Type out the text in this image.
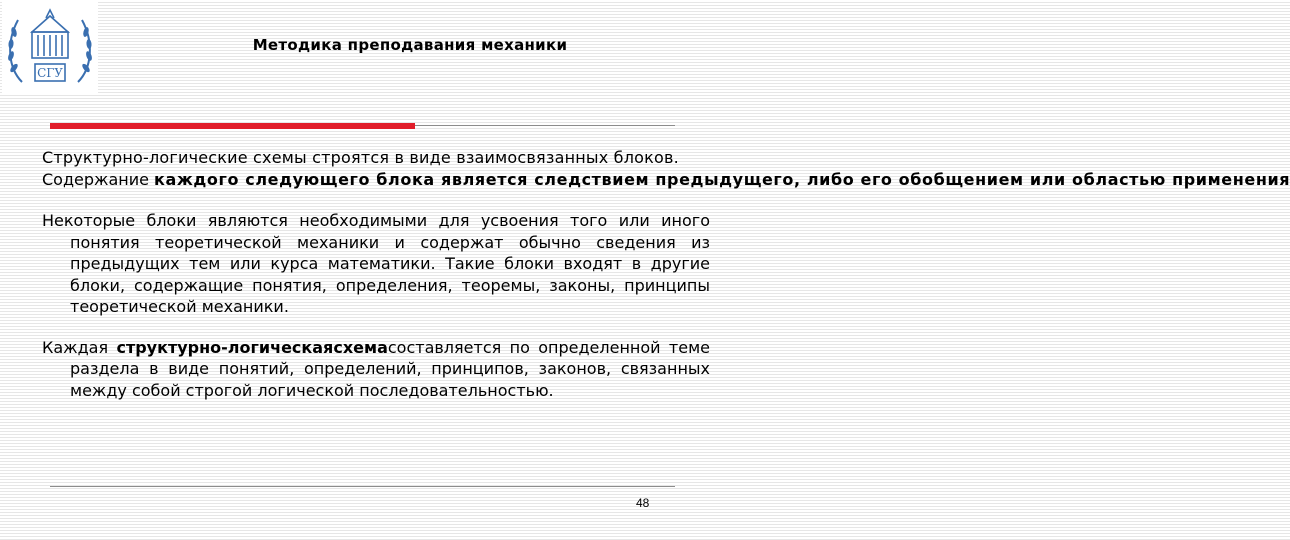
СГУ
Методика преподавания механики

Структурно-логические схемы строятся в виде взаимосвязанных блоков.

Содержание каждого следующего блока является следствием предыдущего, либо его обобщением или областью применения

Некоторые блоки являются необходимыми для усвоения того или иного понятия теоретической механики и содержат обычно сведения из предыдущих тем или курса математики. Такие блоки входят в другие блоки, содержащие понятия, определения, теоремы, законы, принципы теоретической механики.

Каждая структурно-логическаясхемасоставляется по определенной теме раздела в виде понятий, определений, принципов, законов, связанных между собой строгой логической последовательностью.

48
